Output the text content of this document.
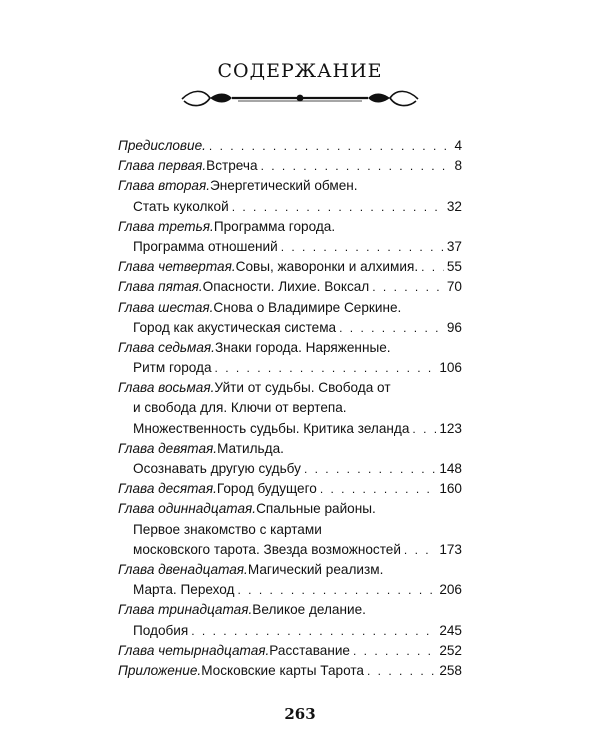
СОДЕРЖАНИЕ
Предисловие. . . .	4
Глава первая. Встреча . . .	8
Глава вторая. Энергетический обмен.
Стать куколкой . . .	32
Глава третья. Программа города.
Программа отношений . . .	37
Глава четвертая. Совы, жаворонки и алхимия. . . . 55
Глава пятая. Опасности. Лихие. Воксал . . .	70
Глава шестая. Снова о Владимире Серкине.
Город как акустическая система . . .	96
Глава седьмая. Знаки города. Наряженные.
Ритм города . . .	106
Глава восьмая. Уйти от судьбы. Свобода от
и свобода для. Ключи от вертепа.
Множественность судьбы. Критика зеланда . . . 123
Глава девятая. Матильда.
Осознавать другую судьбу . . .	148
Глава десятая. Город будущего . . .	160
Глава одиннадцатая. Спальные районы.
Первое знакомство с картами
московского тарота. Звезда возможностей . . .	173
Глава двенадцатая. Магический реализм.
Марта. Переход . . .	206
Глава тринадцатая. Великое делание.
Подобия . . .	245
Глава четырнадцатая. Расставание . . .	252
Приложение. Московские карты Тарота . . .	258
263
